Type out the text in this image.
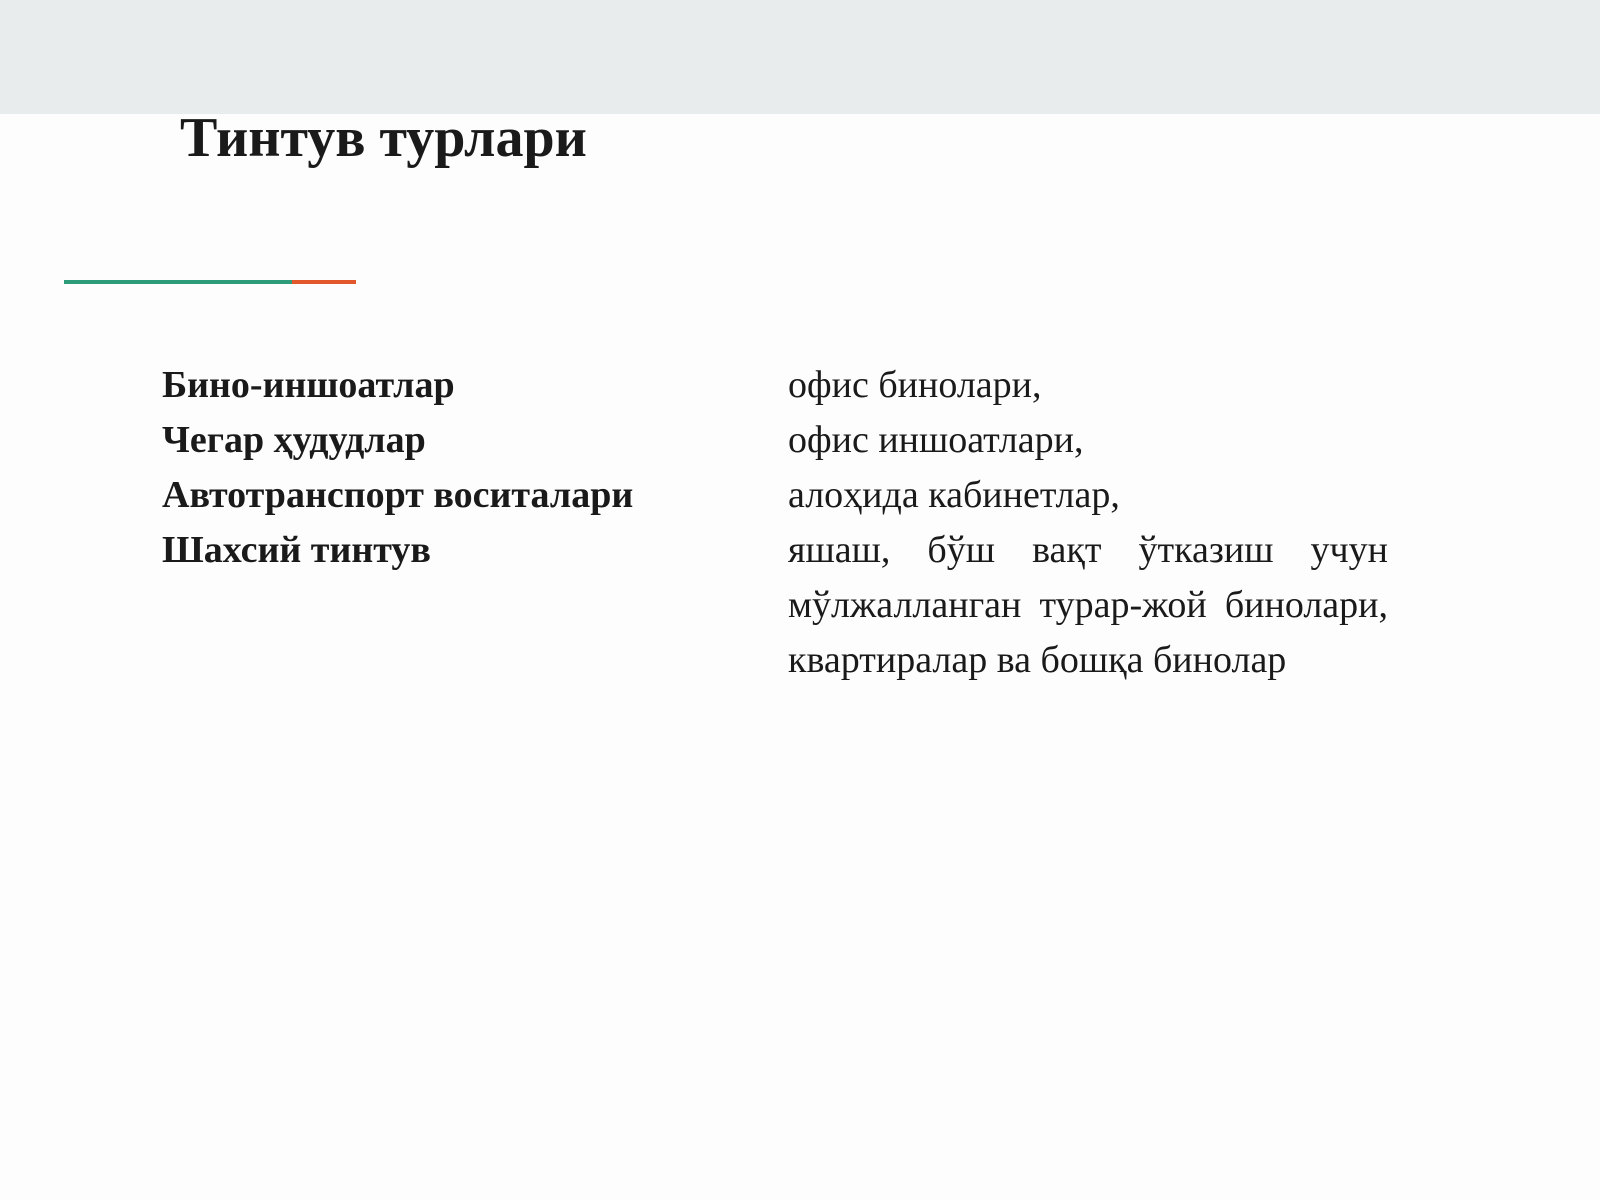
Тинтув турлари
Бино-иншоатлар
Чегар ҳудудлар
Автотранспорт воситалари
Шахсий тинтув
офис бинолари,
офис иншоатлари,
алоҳида кабинетлар,
яшаш, бўш вақт ўтказиш учун мўлжалланган турар-жой бинолари, квартиралар ва бошқа бинолар
